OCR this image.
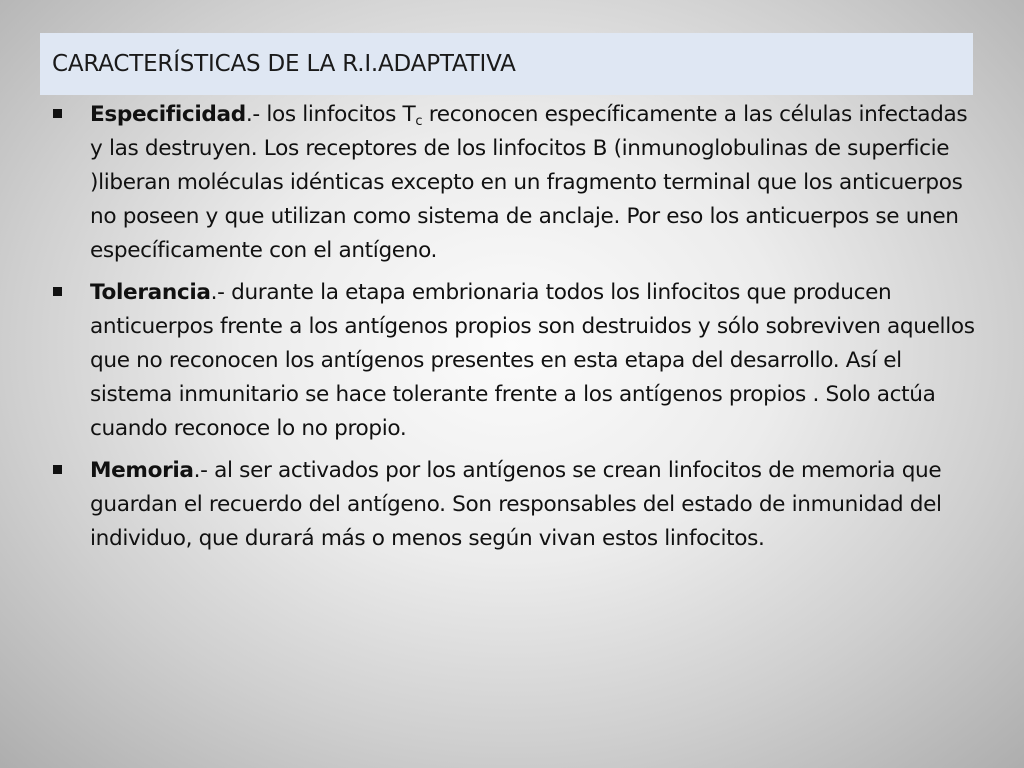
CARACTERÍSTICAS DE LA R.I.ADAPTATIVA
Especificidad.- los linfocitos $T_c$ reconocen específicamente a las células infectadas y las destruyen. Los receptores de los linfocitos B (inmunoglobulinas de superficie )liberan moléculas idénticas excepto en un fragmento terminal que los anticuerpos no poseen y que utilizan como sistema de anclaje. Por eso los anticuerpos se unen específicamente con el antígeno.
Tolerancia.- durante la etapa embrionaria todos los linfocitos que producen anticuerpos frente a los antígenos propios son destruidos y sólo sobreviven aquellos que no reconocen los antígenos presentes en esta etapa del desarrollo. Así el sistema inmunitario se hace tolerante frente a los antígenos propios . Solo actúa cuando reconoce lo no propio.
Memoria.- al ser activados por los antígenos se crean linfocitos de memoria que guardan el recuerdo del antígeno. Son responsables del estado de inmunidad del individuo, que durará más o menos según vivan estos linfocitos.
